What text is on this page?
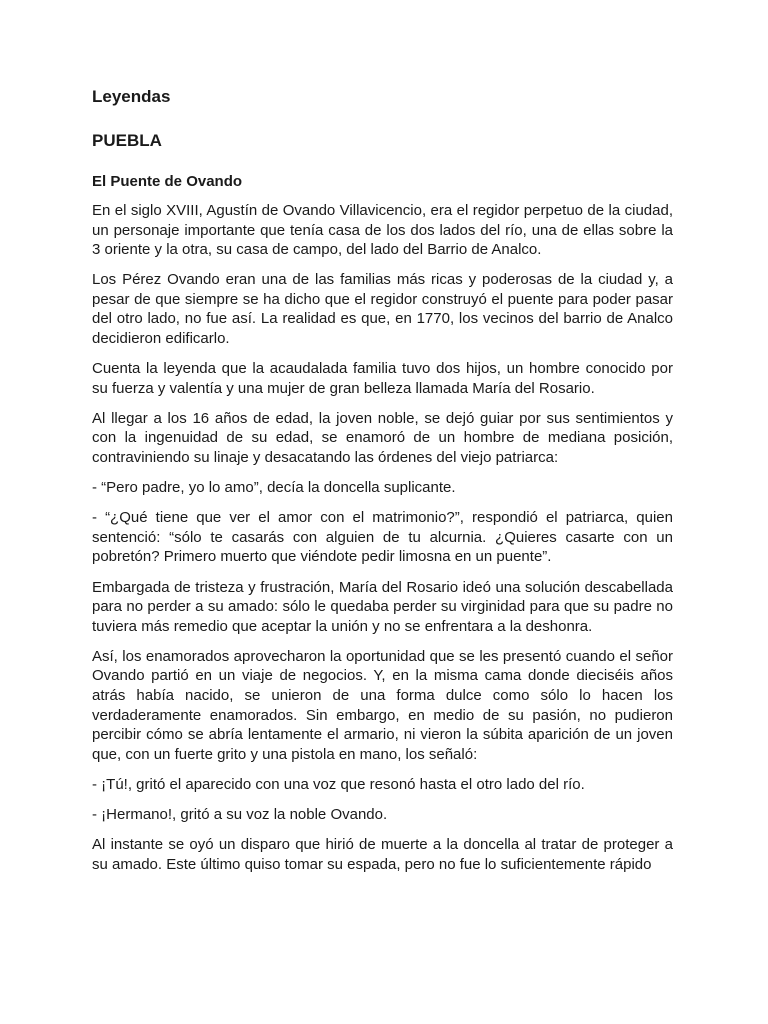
Leyendas
PUEBLA
El Puente de Ovando

En el siglo XVIII, Agustín de Ovando Villavicencio, era el regidor perpetuo de la ciudad, un personaje importante que tenía casa de los dos lados del río, una de ellas sobre la 3 oriente y la otra, su casa de campo, del lado del Barrio de Analco.

Los Pérez Ovando eran una de las familias más ricas y poderosas de la ciudad y, a pesar de que siempre se ha dicho que el regidor construyó el puente para poder pasar del otro lado, no fue así. La realidad es que, en 1770, los vecinos del barrio de Analco decidieron edificarlo.

Cuenta la leyenda que la acaudalada familia tuvo dos hijos, un hombre conocido por su fuerza y valentía y una mujer de gran belleza llamada María del Rosario.

Al llegar a los 16 años de edad, la joven noble, se dejó guiar por sus sentimientos y con la ingenuidad de su edad, se enamoró de un hombre de mediana posición, contraviniendo su linaje y desacatando las órdenes del viejo patriarca:

- “Pero padre, yo lo amo”, decía la doncella suplicante.

- “¿Qué tiene que ver el amor con el matrimonio?”, respondió el patriarca, quien sentenció: “sólo te casarás con alguien de tu alcurnia. ¿Quieres casarte con un pobretón? Primero muerto que viéndote pedir limosna en un puente”.

Embargada de tristeza y frustración, María del Rosario ideó una solución descabellada para no perder a su amado: sólo le quedaba perder su virginidad para que su padre no tuviera más remedio que aceptar la unión y no se enfrentara a la deshonra.

Así, los enamorados aprovecharon la oportunidad que se les presentó cuando el señor Ovando partió en un viaje de negocios. Y, en la misma cama donde dieciséis años atrás había nacido, se unieron de una forma dulce como sólo lo hacen los verdaderamente enamorados. Sin embargo, en medio de su pasión, no pudieron percibir cómo se abría lentamente el armario, ni vieron la súbita aparición de un joven que, con un fuerte grito y una pistola en mano, los señaló:

- ¡Tú!, gritó el aparecido con una voz que resonó hasta el otro lado del río.

- ¡Hermano!, gritó a su voz la noble Ovando.

Al instante se oyó un disparo que hirió de muerte a la doncella al tratar de proteger a su amado. Este último quiso tomar su espada, pero no fue lo suficientemente rápido
